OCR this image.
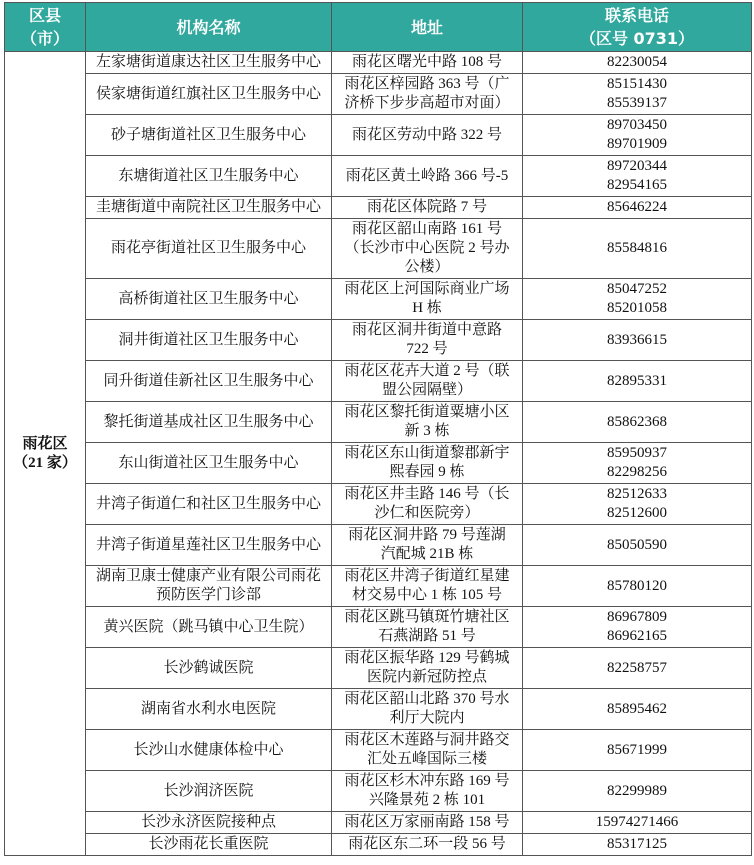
区县
（市）	机构名称	地址	联系电话
（区号 0731）

雨花区
（21 家）	左家塘街道康达社区卫生服务中心	雨花区曙光中路 108 号	82230054

	侯家塘街道红旗社区卫生服务中心	雨花区梓园路 363 号（广
济桥下步步高超市对面）	85151430
85539137

	砂子塘街道社区卫生服务中心	雨花区劳动中路 322 号	89703450
89701909

	东塘街道社区卫生服务中心	雨花区黄土岭路 366 号-5	89720344
82954165

	圭塘街道中南院社区卫生服务中心	雨花区体院路 7 号	85646224

	雨花亭街道社区卫生服务中心	雨花区韶山南路 161 号
（长沙市中心医院 2 号办
公楼）	85584816

	高桥街道社区卫生服务中心	雨花区上河国际商业广场
H 栋	85047252
85201058

	洞井街道社区卫生服务中心	雨花区洞井街道中意路
722 号	83936615

	同升街道佳新社区卫生服务中心	雨花区花卉大道 2 号（联
盟公园隔壁）	82895331

	黎托街道基成社区卫生服务中心	雨花区黎托街道粟塘小区
新 3 栋	85862368

	东山街道社区卫生服务中心	雨花区东山街道黎郡新宇
熙春园 9 栋	85950937
82298256

	井湾子街道仁和社区卫生服务中心	雨花区井圭路 146 号（长
沙仁和医院旁）	82512633
82512600

	井湾子街道星莲社区卫生服务中心	雨花区洞井路 79 号莲湖
汽配城 21B 栋	85050590

	湖南卫康士健康产业有限公司雨花
预防医学门诊部	雨花区井湾子街道红星建
材交易中心 1 栋 105 号	85780120

	黄兴医院（跳马镇中心卫生院）	雨花区跳马镇斑竹塘社区
石燕湖路 51 号	86967809
86962165

	长沙鹤诚医院	雨花区振华路 129 号鹤城
医院内新冠防控点	82258757

	湖南省水利水电医院	雨花区韶山北路 370 号水
利厅大院内	85895462

	长沙山水健康体检中心	雨花区木莲路与洞井路交
汇处五峰国际三楼	85671999

	长沙润济医院	雨花区杉木冲东路 169 号
兴隆景苑 2 栋 101	82299989

	长沙永济医院接种点	雨花区万家丽南路 158 号	15974271466

	长沙雨花长重医院	雨花区东二环一段 56 号	85317125
